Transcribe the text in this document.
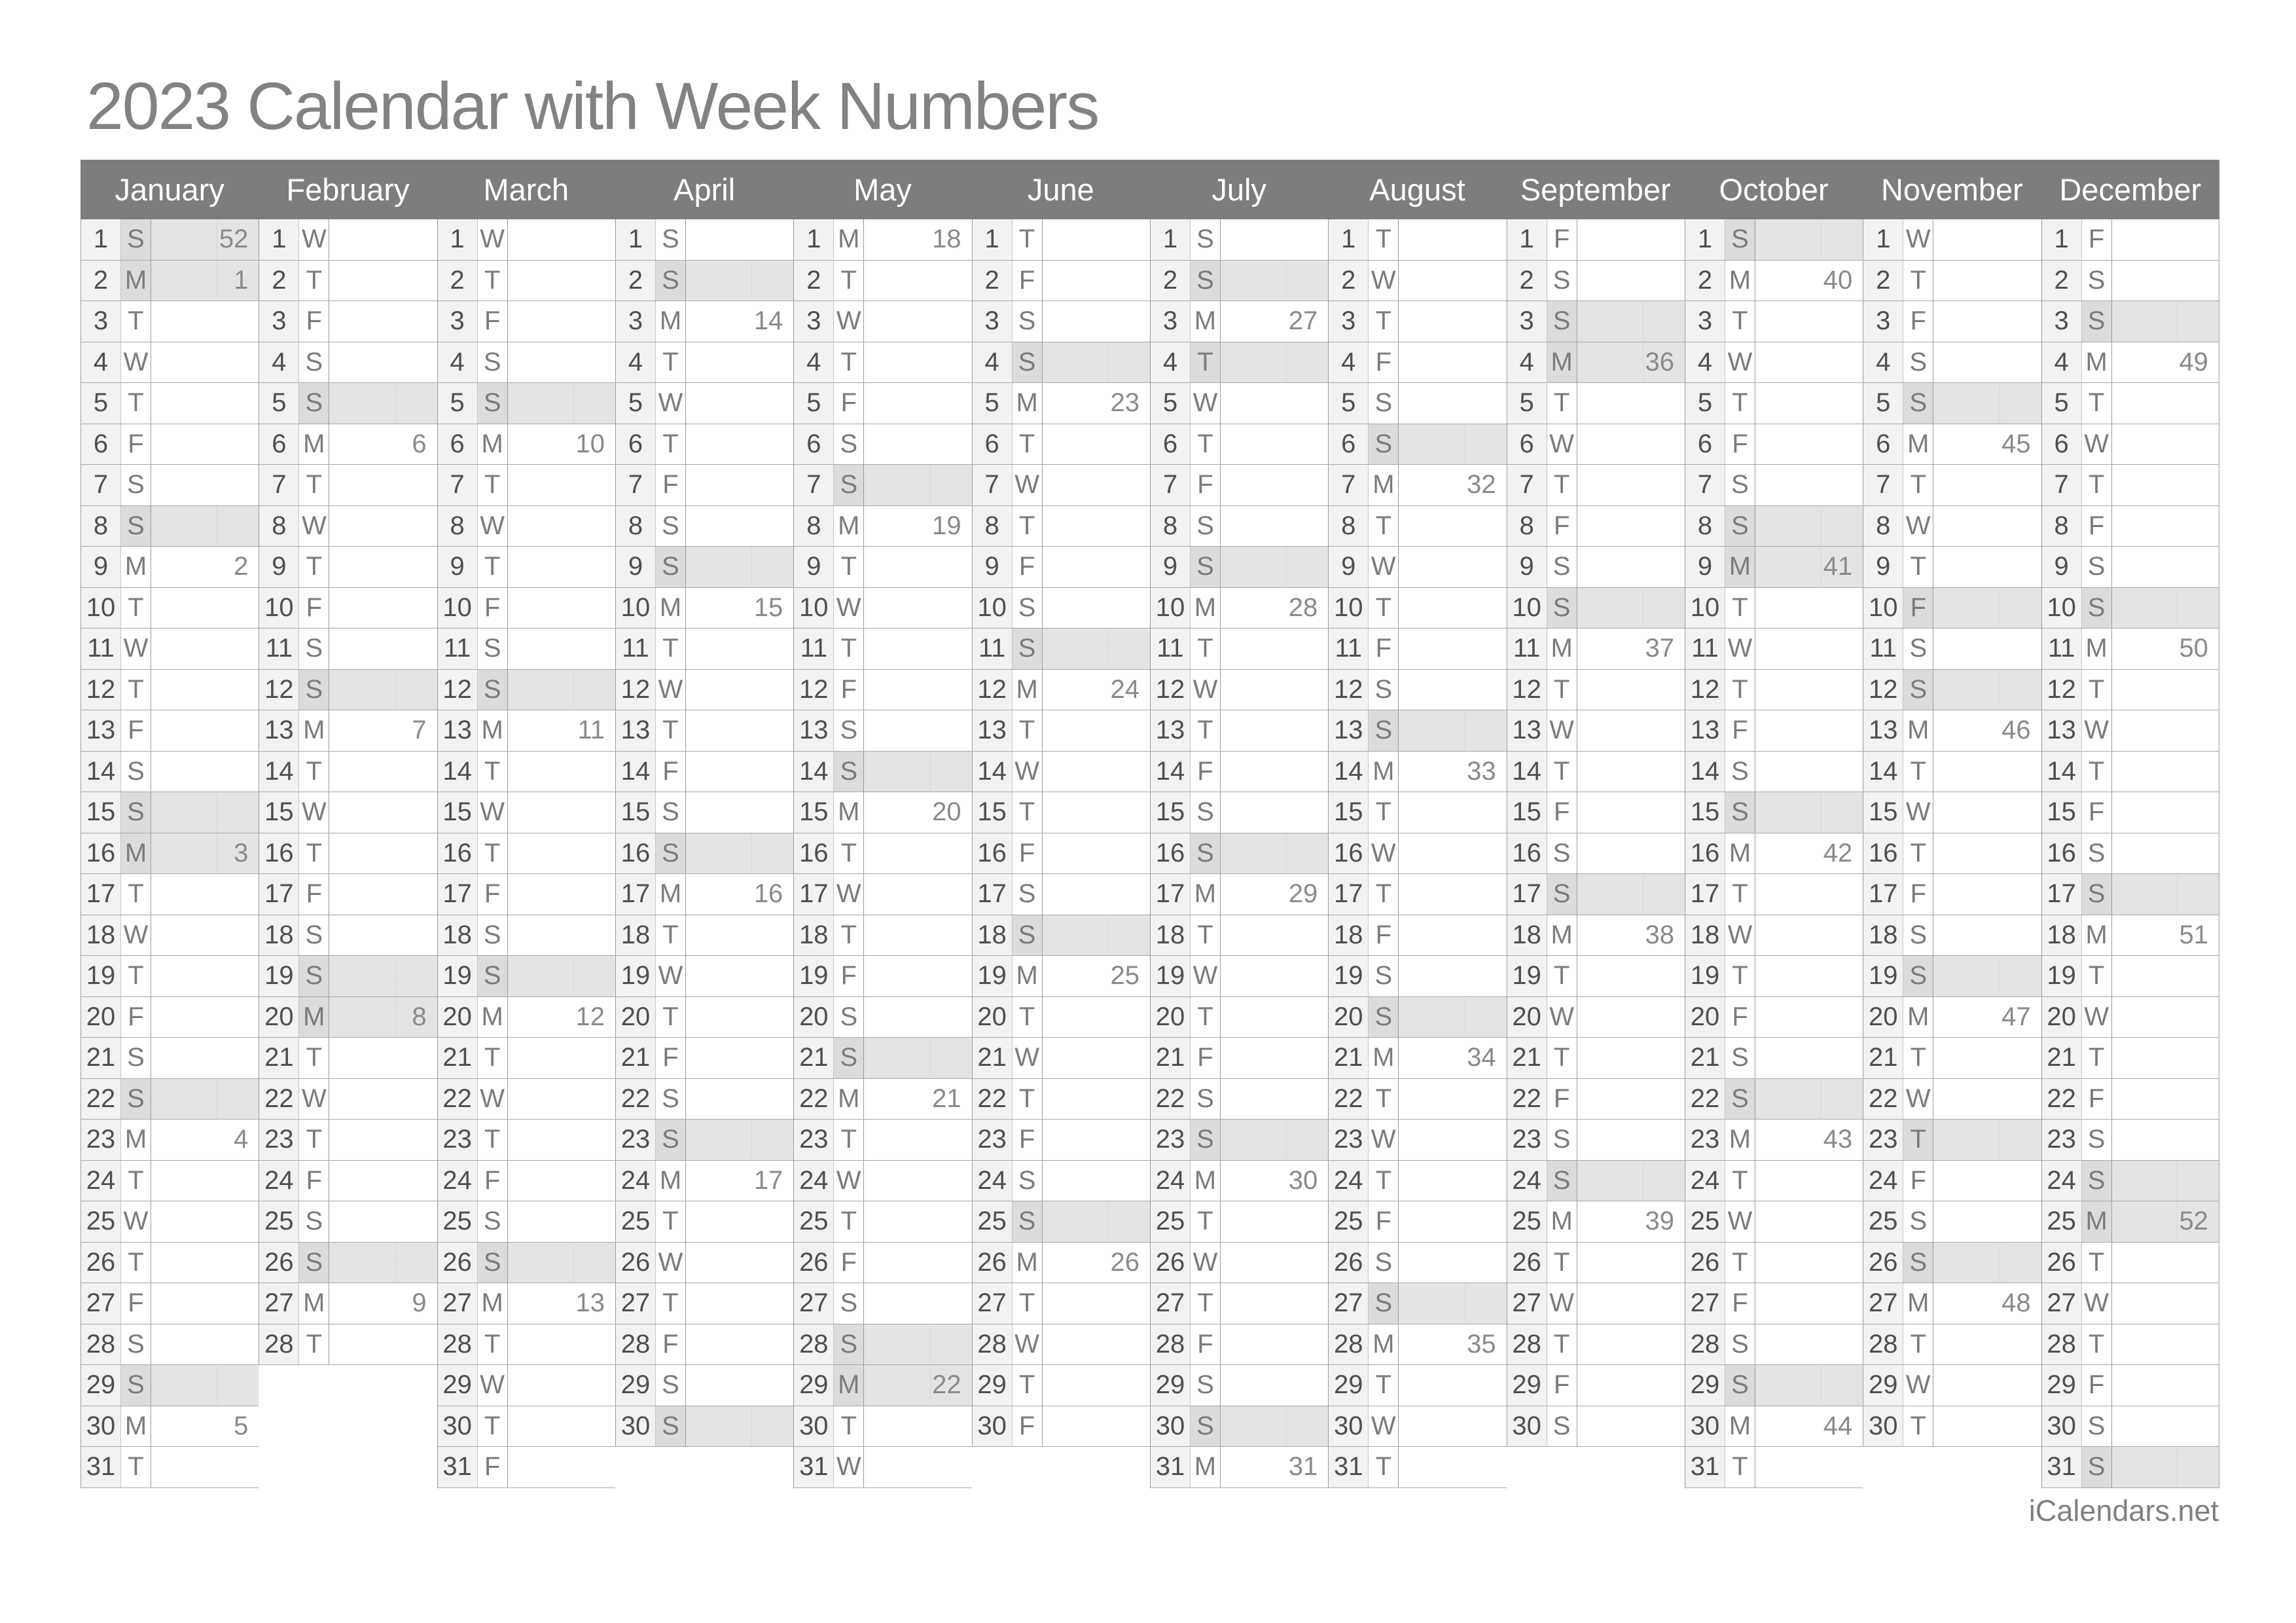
2023 Calendar with Week Numbers
January
1 S	52
2 M	1
3 T
4 W
5 T
6 F
7 S
8 S
9 M	2
10 T
11 W
12 T
13 F
14 S
15 S
16 M	3
17 T
18 W
19 T
20 F
21 S
22 S
23 M	4
24 T
25 W
26 T
27 F
28 S
29 S
30 M	5
31 T
February
1 W
2 T
3 F
4 S
5 S
6 M	6
7 T
8 W
9 T
10 F
11 S
12 S
13 M	7
14 T
15 W
16 T
17 F
18 S
19 S
20 M	8
21 T
22 W
23 T
24 F
25 S
26 S
27 M	9
28 T
March
1 W
2 T
3 F
4 S
5 S
6 M	10
7 T
8 W
9 T
10 F
11 S
12 S
13 M	11
14 T
15 W
16 T
17 F
18 S
19 S
20 M	12
21 T
22 W
23 T
24 F
25 S
26 S
27 M	13
28 T
29 W
30 T
31 F
April
1 S
2 S
3 M	14
4 T
5 W
6 T
7 F
8 S
9 S
10 M	15
11 T
12 W
13 T
14 F
15 S
16 S
17 M	16
18 T
19 W
20 T
21 F
22 S
23 S
24 M	17
25 T
26 W
27 T
28 F
29 S
30 S
May
1 M	18
2 T
3 W
4 T
5 F
6 S
7 S
8 M	19
9 T
10 W
11 T
12 F
13 S
14 S
15 M	20
16 T
17 W
18 T
19 F
20 S
21 S
22 M	21
23 T
24 W
25 T
26 F
27 S
28 S
29 M	22
30 T
31 W
June
1 T
2 F
3 S
4 S
5 M	23
6 T
7 W
8 T
9 F
10 S
11 S
12 M	24
13 T
14 W
15 T
16 F
17 S
18 S
19 M	25
20 T
21 W
22 T
23 F
24 S
25 S
26 M	26
27 T
28 W
29 T
30 F
July
1 S
2 S
3 M	27
4 T
5 W
6 T
7 F
8 S
9 S
10 M	28
11 T
12 W
13 T
14 F
15 S
16 S
17 M	29
18 T
19 W
20 T
21 F
22 S
23 S
24 M	30
25 T
26 W
27 T
28 F
29 S
30 S
31 M	31
August
1 T
2 W
3 T
4 F
5 S
6 S
7 M	32
8 T
9 W
10 T
11 F
12 S
13 S
14 M	33
15 T
16 W
17 T
18 F
19 S
20 S
21 M	34
22 T
23 W
24 T
25 F
26 S
27 S
28 M	35
29 T
30 W
31 T
September
1 F
2 S
3 S
4 M	36
5 T
6 W
7 T
8 F
9 S
10 S
11 M	37
12 T
13 W
14 T
15 F
16 S
17 S
18 M	38
19 T
20 W
21 T
22 F
23 S
24 S
25 M	39
26 T
27 W
28 T
29 F
30 S
October
1 S
2 M	40
3 T
4 W
5 T
6 F
7 S
8 S
9 M	41
10 T
11 W
12 T
13 F
14 S
15 S
16 M	42
17 T
18 W
19 T
20 F
21 S
22 S
23 M	43
24 T
25 W
26 T
27 F
28 S
29 S
30 M	44
31 T
November
1 W
2 T
3 F
4 S
5 S
6 M	45
7 T
8 W
9 T
10 F
11 S
12 S
13 M	46
14 T
15 W
16 T
17 F
18 S
19 S
20 M	47
21 T
22 W
23 T
24 F
25 S
26 S
27 M	48
28 T
29 W
30 T
December
1 F
2 S
3 S
4 M	49
5 T
6 W
7 T
8 F
9 S
10 S
11 M	50
12 T
13 W
14 T
15 F
16 S
17 S
18 M	51
19 T
20 W
21 T
22 F
23 S
24 S
25 M	52
26 T
27 W
28 T
29 F
30 S
31 S
iCalendars.net
